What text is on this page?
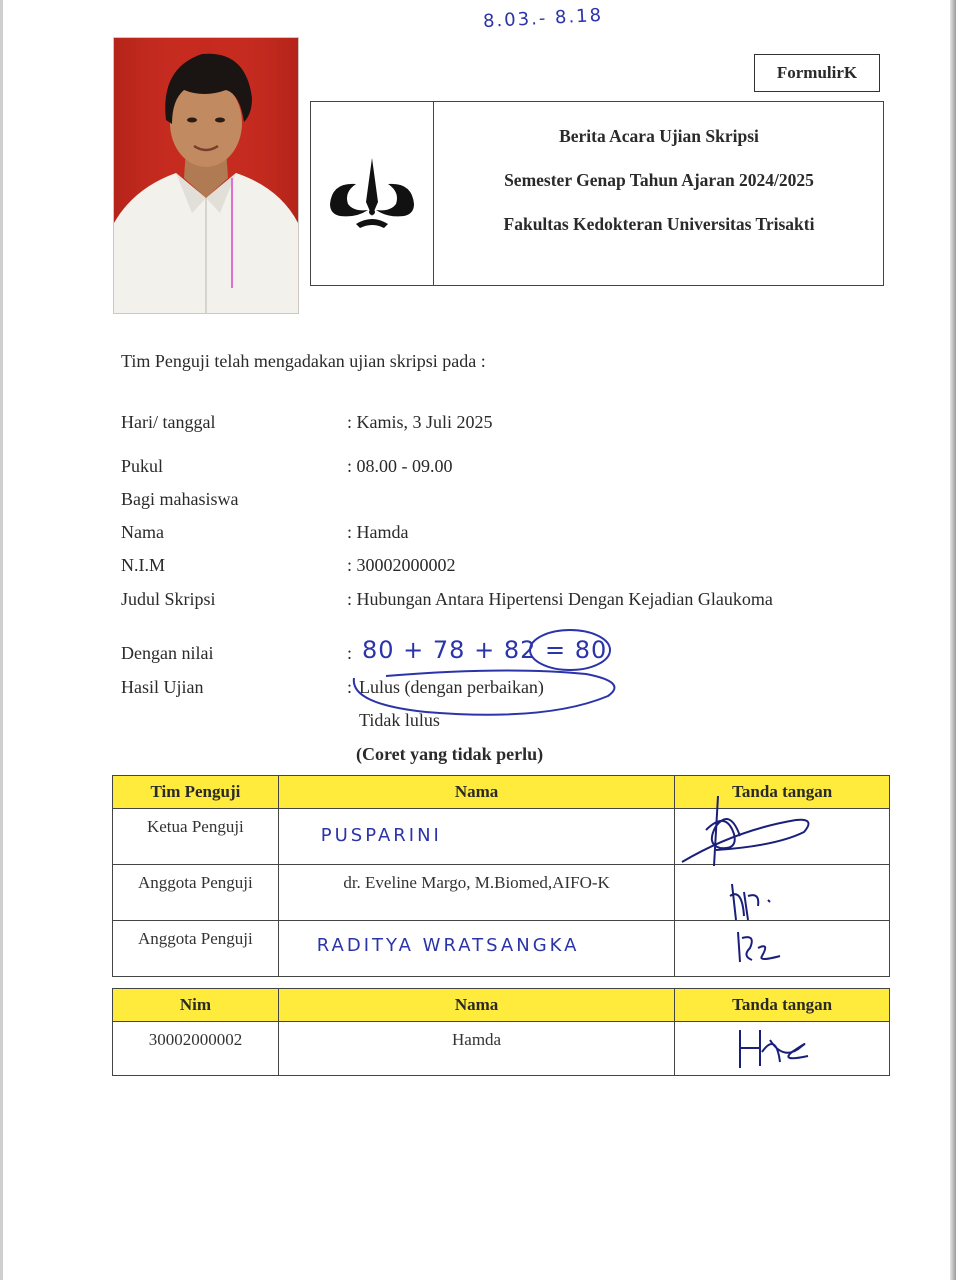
8.03.- 8.18
FormulirK
Berita Acara Ujian Skripsi
Semester Genap Tahun Ajaran 2024/2025
Fakultas Kedokteran Universitas Trisakti
Tim Penguji telah mengadakan ujian skripsi pada :
Hari/ tanggal	: Kamis, 3 Juli 2025
Pukul	: 08.00 - 09.00
Bagi mahasiswa
Nama	: Hamda
N.I.M	: 30002000002
Judul Skripsi	: Hubungan Antara Hipertensi Dengan Kejadian Glaukoma
Dengan nilai	: 80 + 78 + 82 = 80
Hasil Ujian	: Lulus (dengan perbaikan)
Tidak lulus
(Coret yang tidak perlu)
Tim Penguji	Nama	Tanda tangan
Ketua Penguji	PUSPARINI	
Anggota Penguji	dr. Eveline Margo, M.Biomed,AIFO-K	
Anggota Penguji	RADITYA WRATSANGKA	
Nim	Nama	Tanda tangan
30002000002	Hamda	
